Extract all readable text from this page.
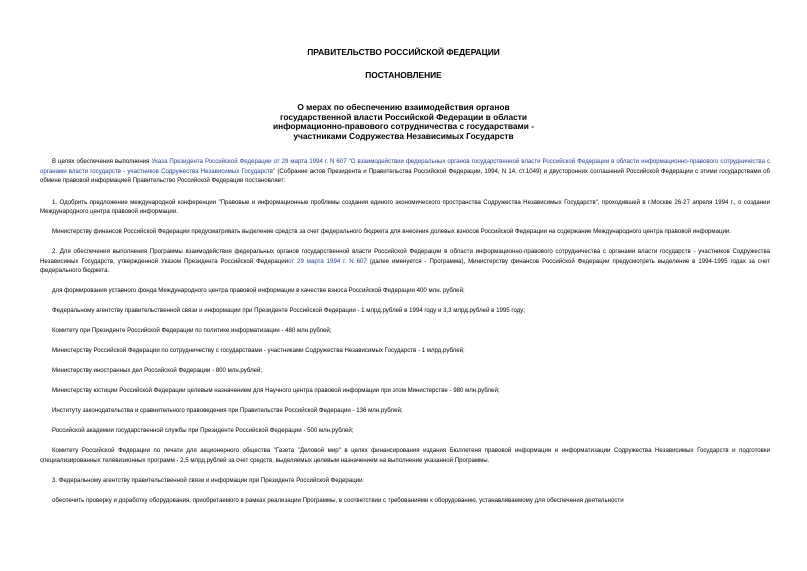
ПРАВИТЕЛЬСТВО РОССИЙСКОЙ ФЕДЕРАЦИИ
ПОСТАНОВЛЕНИЕ
О мерах по обеспечению взаимодействия органов
государственной власти Российской Федерации в области
информационно-правового сотрудничества с государствами -
участниками Содружества Независимых Государств

В целях обеспечения выполнения Указа Президента Российской Федерации от 29 марта 1994 г. N 607 "О взаимодействии федеральных органов государственной власти Российской Федерации в области информационно-правового сотрудничества с органами власти государств - участников Содружества Независимых Государств" (Собрание актов Президента и Правительства Российской Федерации, 1994, N 14, ст.1049) и двусторонних соглашений Российской Федерации с этими государствами об обмене правовой информацией Правительство Российской Федерации постановляет:

1. Одобрить предложение международной конференции "Правовые и информационные проблемы создания единого экономического пространства Содружества Независимых Государств", проходившей в г.Москве 26-27 апреля 1994 г., о создании Международного центра правовой информации.

Министерству финансов Российской Федерации предусматривать выделение средств за счет федерального бюджета для внесения долевых взносов Российской Федерации на содержание Международного центра правовой информации.

2. Для обеспечения выполнения Программы взаимодействия федеральных органов государственной власти Российской Федерации в области информационно-правового сотрудничества с органами власти государств - участников Содружества Независимых Государств, утвержденной Указом Президента Российской Федерацииот 29 марта 1994 г. N 607 (далее именуется - Программа), Министерству финансов Российской Федерации предусмотреть выделение в 1994-1995 годах за счет федерального бюджета:

для формирования уставного фонда Международного центра правовой информации в качестве взноса Российской Федерации 400 млн. рублей;

Федеральному агентству правительственной связи и информации при Президенте Российской Федерации - 1 млрд.рублей в 1994 году и 3,3 млрд.рублей в 1995 году;

Комитету при Президенте Российской Федерации по политике информатизации - 480 млн.рублей;

Министерству Российской Федерации по сотрудничеству с государствами - участниками Содружества Независимых Государств - 1 млрд.рублей;

Министерству иностранных дел Российской Федерации - 800 млн.рублей;

Министерству юстиции Российской Федерации целевым назначением для Научного центра правовой информации при этом Министерстве - 980 млн.рублей;

Институту законодательства и сравнительного правоведения при Правительстве Российской Федерации - 136 млн.рублей;

Российской академии государственной службы при Президенте Российской Федерации - 500 млн.рублей;

Комитету Российской Федерации по печати для акционерного общества "Газета "Деловой мир" в целях финансирования издания Бюллетеня правовой информации и информатизации Содружества Независимых Государств и подготовки специализированных телевизионных программ - 2,5 млрд.рублей за счет средств, выделяемых целевым назначением на выполнение указанной Программы.

3. Федеральному агентству правительственной связи и информации при Президенте Российской Федерации:

обеспечить проверку и доработку оборудования, приобретаемого в рамках реализации Программы, в соответствии с требованиями к оборудованию, устанавливаемому для обеспечения деятельности
